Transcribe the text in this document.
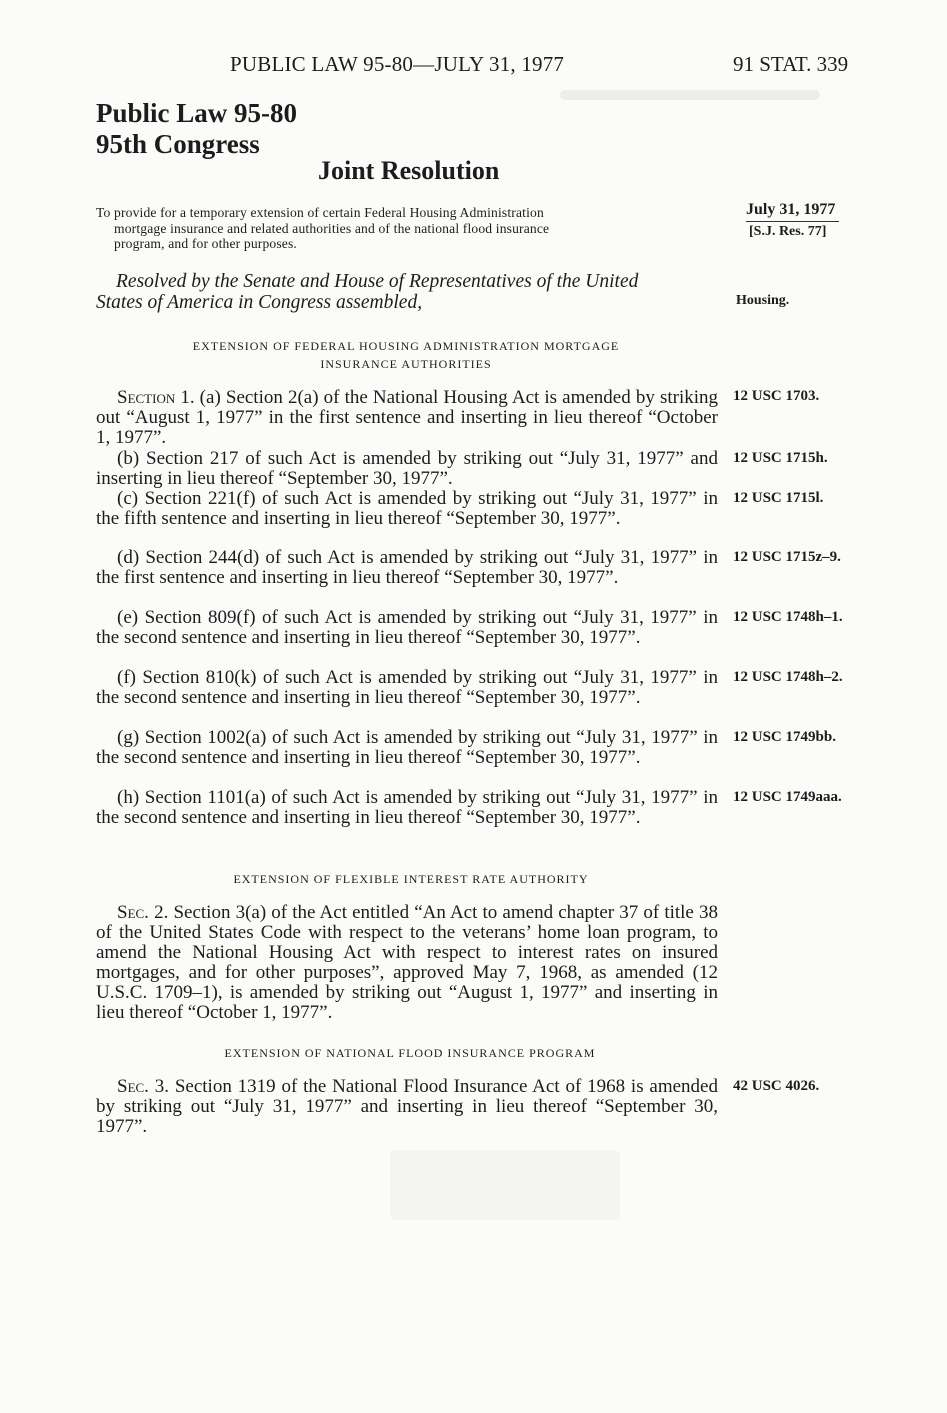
PUBLIC LAW 95-80—JULY 31, 1977	91 STAT. 339
Public Law 95-80
95th Congress
Joint Resolution
To provide for a temporary extension of certain Federal Housing Administration
mortgage insurance and related authorities and of the national flood insurance
program, and for other purposes.
July 31, 1977
[S.J. Res. 77]
Resolved by the Senate and House of Representatives of the United
States of America in Congress assembled,	Housing.
EXTENSION OF FEDERAL HOUSING ADMINISTRATION MORTGAGE
INSURANCE AUTHORITIES
Section 1. (a) Section 2(a) of the National Housing Act is amended by striking out “August 1, 1977” in the first sentence and inserting in lieu thereof “October 1, 1977”.
12 USC 1703.
(b) Section 217 of such Act is amended by striking out “July 31, 1977” and inserting in lieu thereof “September 30, 1977”.
12 USC 1715h.
(c) Section 221(f) of such Act is amended by striking out “July 31, 1977” in the fifth sentence and inserting in lieu thereof “September 30, 1977”.
12 USC 1715l.
(d) Section 244(d) of such Act is amended by striking out “July 31, 1977” in the first sentence and inserting in lieu thereof “September 30, 1977”.
12 USC 1715z–9.
(e) Section 809(f) of such Act is amended by striking out “July 31, 1977” in the second sentence and inserting in lieu thereof “September 30, 1977”.
12 USC 1748h–1.
(f) Section 810(k) of such Act is amended by striking out “July 31, 1977” in the second sentence and inserting in lieu thereof “September 30, 1977”.
12 USC 1748h–2.
(g) Section 1002(a) of such Act is amended by striking out “July 31, 1977” in the second sentence and inserting in lieu thereof “September 30, 1977”.
12 USC 1749bb.
(h) Section 1101(a) of such Act is amended by striking out “July 31, 1977” in the second sentence and inserting in lieu thereof “September 30, 1977”.
12 USC 1749aaa.
EXTENSION OF FLEXIBLE INTEREST RATE AUTHORITY
Sec. 2. Section 3(a) of the Act entitled “An Act to amend chapter 37 of title 38 of the United States Code with respect to the veterans’ home loan program, to amend the National Housing Act with respect to interest rates on insured mortgages, and for other purposes”, approved May 7, 1968, as amended (12 U.S.C. 1709–1), is amended by striking out “August 1, 1977” and inserting in lieu thereof “October 1, 1977”.
EXTENSION OF NATIONAL FLOOD INSURANCE PROGRAM
Sec. 3. Section 1319 of the National Flood Insurance Act of 1968 is amended by striking out “July 31, 1977” and inserting in lieu thereof “September 30, 1977”.
42 USC 4026.
